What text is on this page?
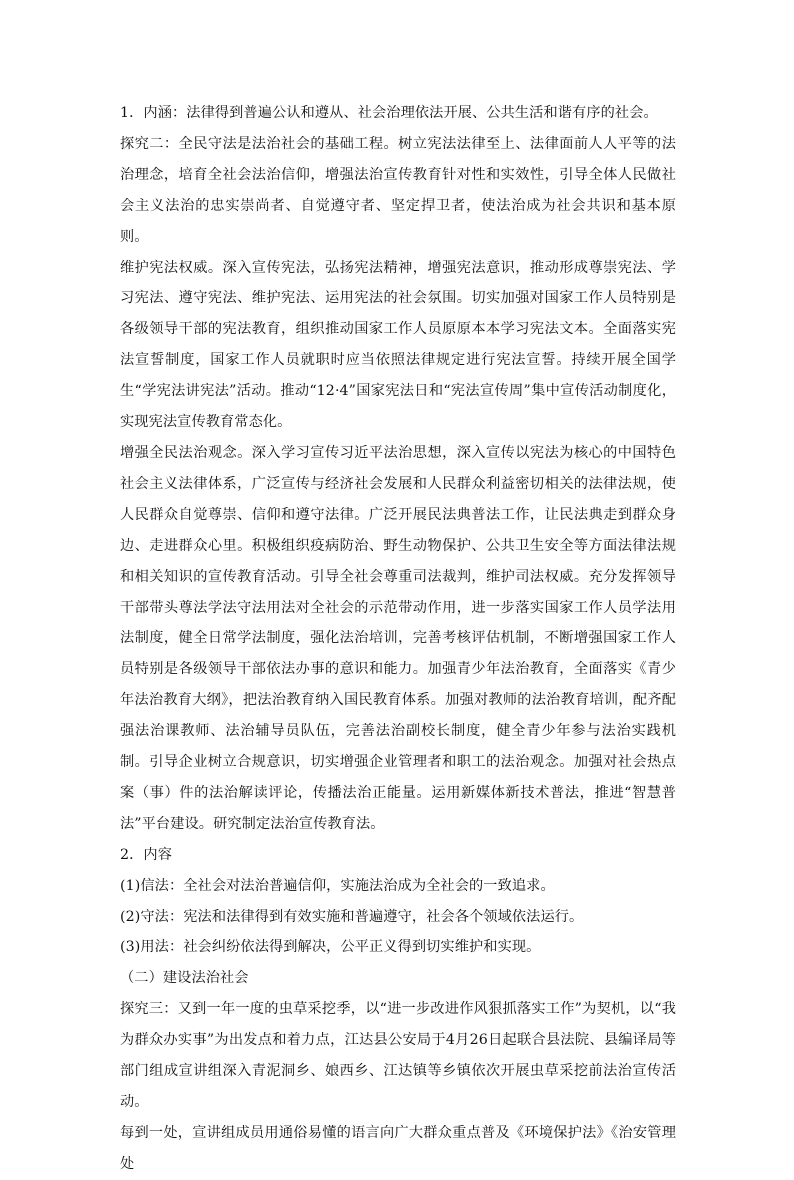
1．内涵：法律得到普遍公认和遵从、社会治理依法开展、公共生活和谐有序的社会。

探究二：全民守法是法治社会的基础工程。树立宪法法律至上、法律面前人人平等的法治理念，培育全社会法治信仰，增强法治宣传教育针对性和实效性，引导全体人民做社会主义法治的忠实崇尚者、自觉遵守者、坚定捍卫者，使法治成为社会共识和基本原则。

维护宪法权威。深入宣传宪法，弘扬宪法精神，增强宪法意识，推动形成尊崇宪法、学习宪法、遵守宪法、维护宪法、运用宪法的社会氛围。切实加强对国家工作人员特别是各级领导干部的宪法教育，组织推动国家工作人员原原本本学习宪法文本。全面落实宪法宣誓制度，国家工作人员就职时应当依照法律规定进行宪法宣誓。持续开展全国学生“学宪法讲宪法”活动。推动“12·4”国家宪法日和“宪法宣传周”集中宣传活动制度化，实现宪法宣传教育常态化。

增强全民法治观念。深入学习宣传习近平法治思想，深入宣传以宪法为核心的中国特色社会主义法律体系，广泛宣传与经济社会发展和人民群众利益密切相关的法律法规，使人民群众自觉尊崇、信仰和遵守法律。广泛开展民法典普法工作，让民法典走到群众身边、走进群众心里。积极组织疫病防治、野生动物保护、公共卫生安全等方面法律法规和相关知识的宣传教育活动。引导全社会尊重司法裁判，维护司法权威。充分发挥领导干部带头尊法学法守法用法对全社会的示范带动作用，进一步落实国家工作人员学法用法制度，健全日常学法制度，强化法治培训，完善考核评估机制，不断增强国家工作人员特别是各级领导干部依法办事的意识和能力。加强青少年法治教育，全面落实《青少年法治教育大纲》，把法治教育纳入国民教育体系。加强对教师的法治教育培训，配齐配强法治课教师、法治辅导员队伍，完善法治副校长制度，健全青少年参与法治实践机制。引导企业树立合规意识，切实增强企业管理者和职工的法治观念。加强对社会热点案（事）件的法治解读评论，传播法治正能量。运用新媒体新技术普法，推进“智慧普法”平台建设。研究制定法治宣传教育法。

2．内容

(1)信法：全社会对法治普遍信仰，实施法治成为全社会的一致追求。

(2)守法：宪法和法律得到有效实施和普遍遵守，社会各个领域依法运行。

(3)用法：社会纠纷依法得到解决，公平正义得到切实维护和实现。

（二）建设法治社会

探究三：又到一年一度的虫草采挖季，以“进一步改进作风狠抓落实工作”为契机，以“我为群众办实事”为出发点和着力点，江达县公安局于4月26日起联合县法院、县编译局等部门组成宣讲组深入青泥洞乡、娘西乡、江达镇等乡镇依次开展虫草采挖前法治宣传活动。

每到一处，宣讲组成员用通俗易懂的语言向广大群众重点普及《环境保护法》《治安管理处
